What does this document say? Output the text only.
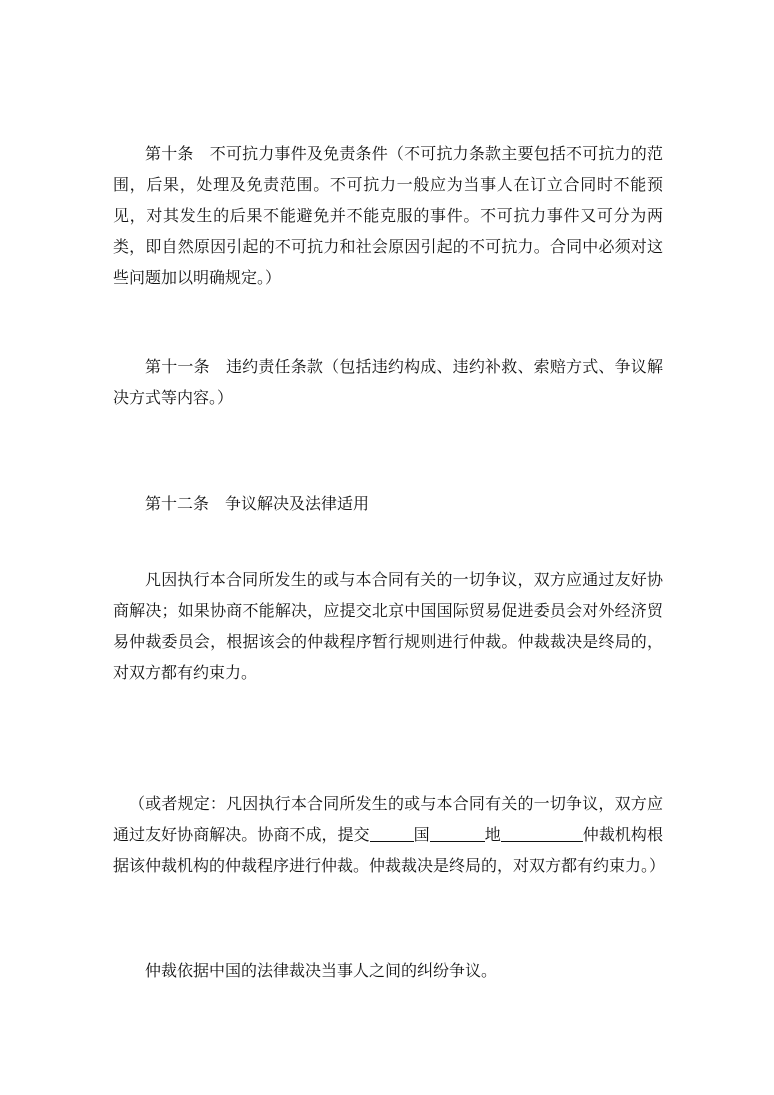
第十条　不可抗力事件及免责条件（不可抗力条款主要包括不可抗力的范围，后果，处理及免责范围。不可抗力一般应为当事人在订立合同时不能预见，对其发生的后果不能避免并不能克服的事件。不可抗力事件又可分为两类，即自然原因引起的不可抗力和社会原因引起的不可抗力。合同中必须对这些问题加以明确规定。）

第十一条　违约责任条款（包括违约构成、违约补救、索赔方式、争议解决方式等内容。）

第十二条　争议解决及法律适用

凡因执行本合同所发生的或与本合同有关的一切争议，双方应通过友好协商解决；如果协商不能解决，应提交北京中国国际贸易促进委员会对外经济贸易仲裁委员会，根据该会的仲裁程序暂行规则进行仲裁。仲裁裁决是终局的，对双方都有约束力。

（或者规定：凡因执行本合同所发生的或与本合同有关的一切争议，双方应通过友好协商解决。协商不成，提交	国	地	仲裁机构根据该仲裁机构的仲裁程序进行仲裁。仲裁裁决是终局的，对双方都有约束力。）

仲裁依据中国的法律裁决当事人之间的纠纷争议。
